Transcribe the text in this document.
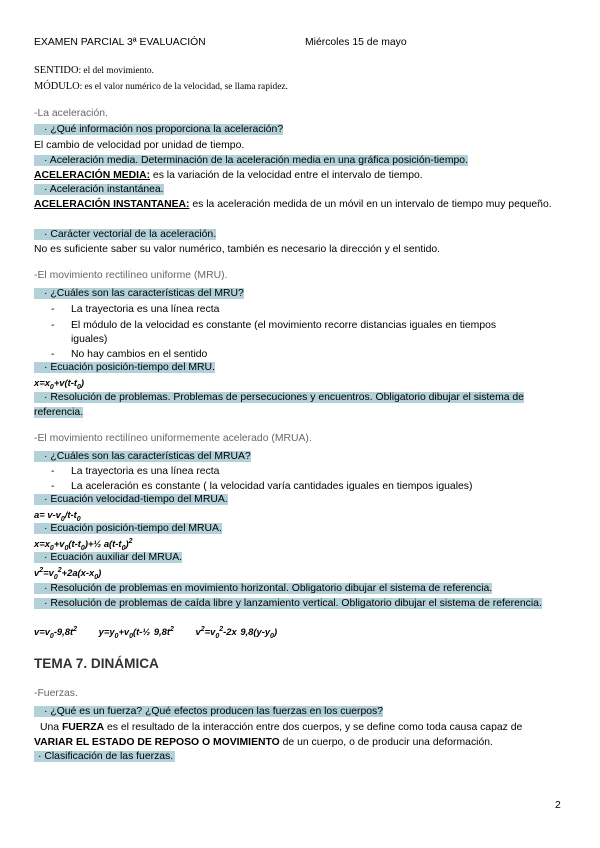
EXAMEN PARCIAL 3ª EVALUACIÓN	Miércoles 15 de mayo
SENTIDO: el del movimiento.
MÓDULO: es el valor numérico de la velocidad, se llama rapidez.
-La aceleración.
· ¿Qué información nos proporciona la aceleración?
El cambio de velocidad por unidad de tiempo.
· Aceleración media. Determinación de la aceleración media en una gráfica posición-tiempo.
ACELERACIÓN MEDIA: es la variación de la velocidad entre el intervalo de tiempo.
· Aceleración instantánea.
ACELERACIÓN INSTANTANEA: es la aceleración medida de un móvil en un intervalo de tiempo muy pequeño.
· Carácter vectorial de la aceleración.
No es suficiente saber su valor numérico, también es necesario la dirección y el sentido.
-El movimiento rectilíneo uniforme (MRU).
· ¿Cuáles son las características del MRU?
- La trayectoria es una línea recta
- El módulo de la velocidad es constante (el movimiento recorre distancias iguales en tiempos
iguales)
- No hay cambios en el sentido
· Ecuación posición-tiempo del MRU.
$x=x_0+v(t-t_0)$
· Resolución de problemas. Problemas de persecuciones y encuentros. Obligatorio dibujar el sistema de referencia.
-El movimiento rectilíneo uniformemente acelerado (MRUA).
· ¿Cuáles son las características del MRUA?
- La trayectoria es una línea recta
- La aceleración es constante ( la velocidad varía cantidades iguales en tiempos iguales)
· Ecuación velocidad-tiempo del MRUA.
$a= v-v_0/t-t_0$
· Ecuación posición-tiempo del MRUA.
$x=x_0+v_0(t-t_0)+\frac{1}{2}$ $a(t-t_0)^2$
· Ecuación auxiliar del MRUA.
$v^2=v_0^2+2a(x-x_0)$
· Resolución de problemas en movimiento horizontal. Obligatorio dibujar el sistema de referencia.
· Resolución de problemas de caída libre y lanzamiento vertical. Obligatorio dibujar el sistema de referencia.
$v=v_0-9,8t^2$      $y=y_0+v_0(t-\frac{1}{2}$ $9,8t^2$      $v^2=v_0^2-2x$ $9,8(y-y_0)$
TEMA 7. DINÁMICA
-Fuerzas.
· ¿Qué es un fuerza? ¿Qué efectos producen las fuerzas en los cuerpos?
Una FUERZA es el resultado de la interacción entre dos cuerpos, y se define como toda causa capaz de VARIAR EL ESTADO DE REPOSO O MOVIMIENTO de un cuerpo, o de producir una deformación.
· Clasificación de las fuerzas.
2
